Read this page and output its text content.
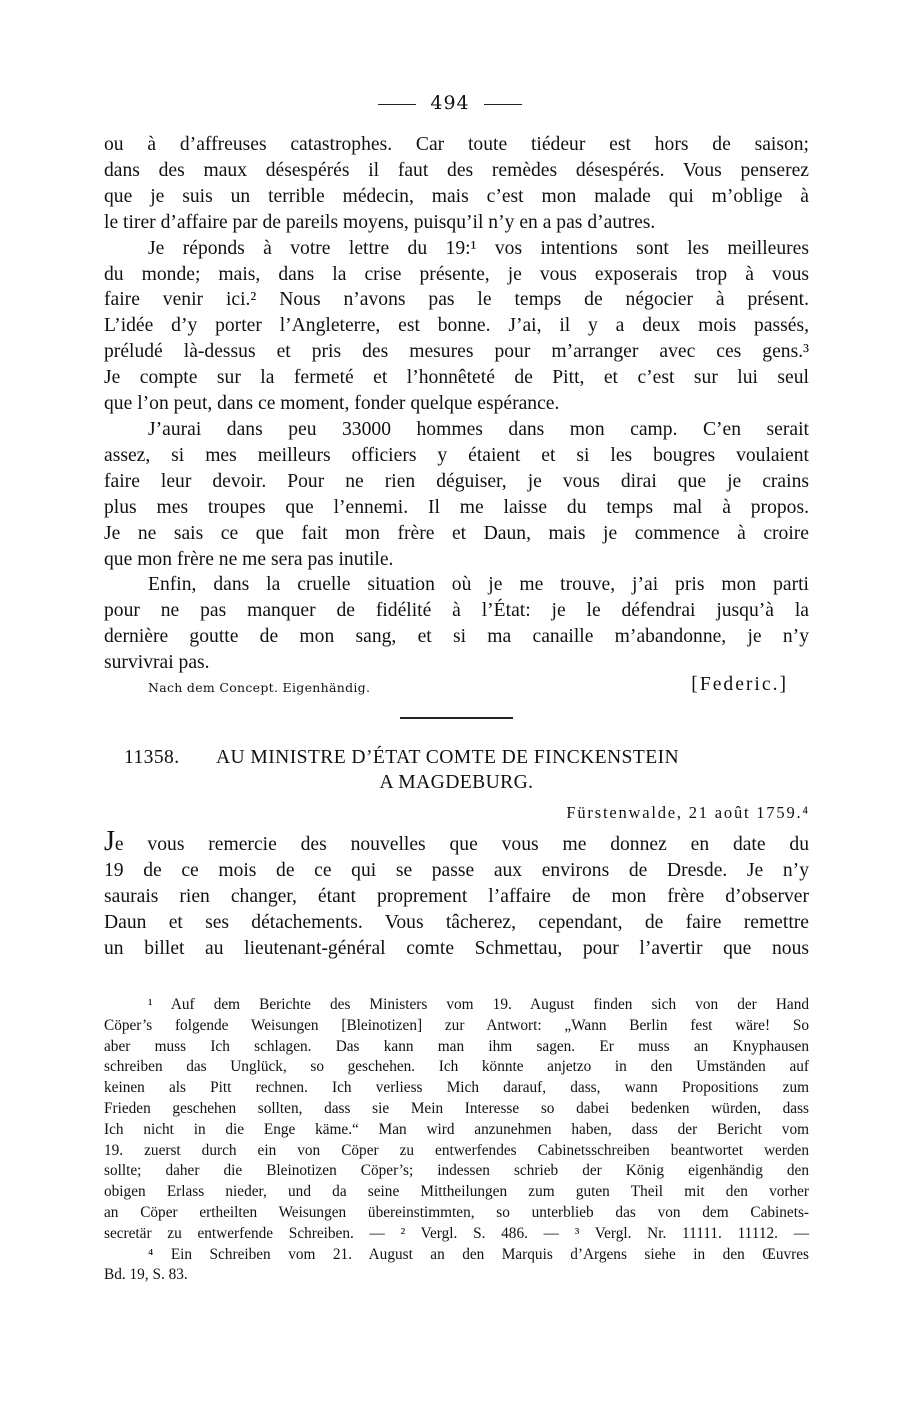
494

ou à d’affreuses catastrophes. Car toute tiédeur est hors de saison;

dans des maux désespérés il faut des remèdes désespérés. Vous penserez

que je suis un terrible médecin, mais c’est mon malade qui m’oblige à

le tirer d’affaire par de pareils moyens, puisqu’il n’y en a pas d’autres.

Je réponds à votre lettre du 19:¹ vos intentions sont les meilleures

du monde; mais, dans la crise présente, je vous exposerais trop à vous

faire venir ici.² Nous n’avons pas le temps de négocier à présent.

L’idée d’y porter l’Angleterre, est bonne. J’ai, il y a deux mois passés,

préludé là-dessus et pris des mesures pour m’arranger avec ces gens.³

Je compte sur la fermeté et l’honnêteté de Pitt, et c’est sur lui seul

que l’on peut, dans ce moment, fonder quelque espérance.

J’aurai dans peu 33000 hommes dans mon camp. C’en serait

assez, si mes meilleurs officiers y étaient et si les bougres voulaient

faire leur devoir. Pour ne rien déguiser, je vous dirai que je crains

plus mes troupes que l’ennemi. Il me laisse du temps mal à propos.

Je ne sais ce que fait mon frère et Daun, mais je commence à croire

que mon frère ne me sera pas inutile.

Enfin, dans la cruelle situation où je me trouve, j’ai pris mon parti

pour ne pas manquer de fidélité à l’État: je le défendrai jusqu’à la

dernière goutte de mon sang, et si ma canaille m’abandonne, je n’y

survivrai pas.

Nach dem Concept. Eigenhändig.	[Federic.]
11358. AU MINISTRE D’ÉTAT COMTE DE FINCKENSTEIN
A MAGDEBURG.
Fürstenwalde, 21 août 1759.⁴

Je vous remercie des nouvelles que vous me donnez en date du

19 de ce mois de ce qui se passe aux environs de Dresde. Je n’y

saurais rien changer, étant proprement l’affaire de mon frère d’observer

Daun et ses détachements. Vous tâcherez, cependant, de faire remettre

un billet au lieutenant-général comte Schmettau, pour l’avertir que nous

¹ Auf dem Berichte des Ministers vom 19. August finden sich von der Hand

Cöper’s folgende Weisungen [Bleinotizen] zur Antwort: „Wann Berlin fest wäre! So

aber muss Ich schlagen. Das kann man ihm sagen. Er muss an Knyphausen

schreiben das Unglück, so geschehen. Ich könnte anjetzo in den Umständen auf

keinen als Pitt rechnen. Ich verliess Mich darauf, dass, wann Propositions zum

Frieden geschehen sollten, dass sie Mein Interesse so dabei bedenken würden, dass

Ich nicht in die Enge käme.“ Man wird anzunehmen haben, dass der Bericht vom

19. zuerst durch ein von Cöper zu entwerfendes Cabinetsschreiben beantwortet werden

sollte; daher die Bleinotizen Cöper’s; indessen schrieb der König eigenhändig den

obigen Erlass nieder, und da seine Mittheilungen zum guten Theil mit den vorher

an Cöper ertheilten Weisungen übereinstimmten, so unterblieb das von dem Cabinets-

secretär zu entwerfende Schreiben. — ² Vergl. S. 486. — ³ Vergl. Nr. 11111. 11112. —

⁴ Ein Schreiben vom 21. August an den Marquis d’Argens siehe in den Œuvres

Bd. 19, S. 83.
